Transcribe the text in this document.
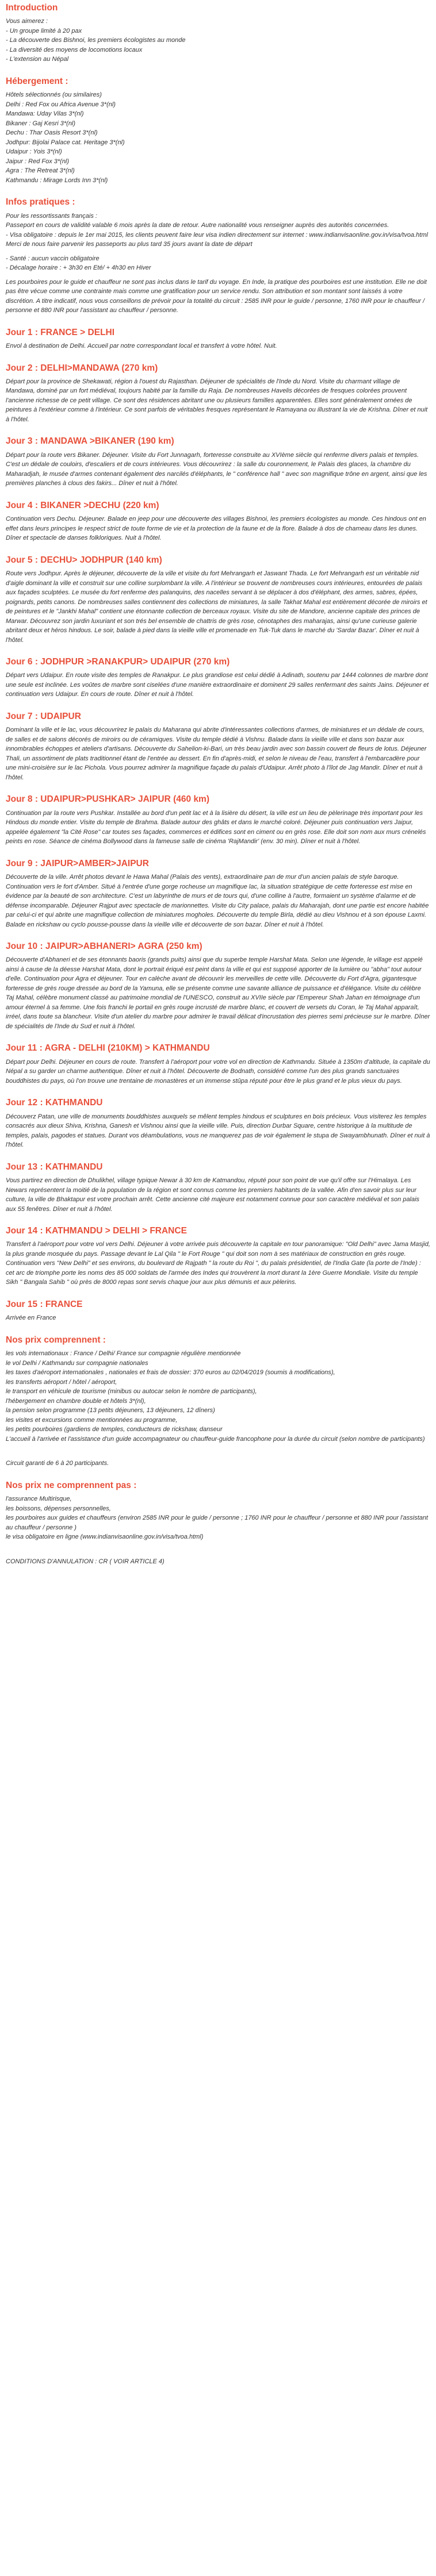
Introduction
Vous aimerez :
- Un groupe limité à 20 pax
- La découverte des Bishnoi, les premiers écologistes au monde
- La diversité des moyens de locomotions locaux
- L'extension au Népal
Hébergement :
Hôtels sélectionnés (ou similaires)
Delhi : Red Fox ou Africa Avenue 3*(nl)
Mandawa: Uday Vilas 3*(nl)
Bikaner : Gaj Kesri 3*(nl)
Dechu : Thar Oasis Resort 3*(nl)
Jodhpur: Bijolai Palace cat. Heritage 3*(nl)
Udaipur : Yois 3*(nl)
Jaipur : Red Fox 3*(nl)
Agra : The Retreat 3*(nl)
Kathmandu : Mirage Lords Inn 3*(nl)
Infos pratiques :

Pour les ressortissants français :
Passeport en cours de validité valable 6 mois après la date de retour. Autre nationalité vous renseigner auprès des autorités concernées.
- Visa obligatoire : depuis le 1er mai 2015, les clients peuvent faire leur visa indien directement sur internet : www.indianvisaonline.gov.in/visa/tvoa.html
Merci de nous faire parvenir les passeports au plus tard 35 jours avant la date de départ

- Santé : aucun vaccin obligatoire
- Décalage horaire : + 3h30 en Eté/ + 4h30 en Hiver

Les pourboires pour le guide et chauffeur ne sont pas inclus dans le tarif du voyage. En Inde, la pratique des pourboires est une institution. Elle ne doit pas être vécue comme une contrainte mais comme une gratification pour un service rendu. Son attribution et son montant sont laissés à votre discrétion. A titre indicatif, nous vous conseillons de prévoir pour la totalité du circuit : 2585 INR pour le guide / personne, 1760 INR pour le chauffeur / personne et 880 INR pour l'assistant au chauffeur / personne.

Jour 1 : FRANCE > DELHI

Envol à destination de Delhi. Accueil par notre correspondant local et transfert à votre hôtel. Nuit.

Jour 2 : DELHI>MANDAWA (270 km)

Départ pour la province de Shekawati, région à l'ouest du Rajasthan. Déjeuner de spécialités de l'Inde du Nord. Visite du charmant village de Mandawa, dominé par un fort médiéval, toujours habité par la famille du Raja. De nombreuses Havelis décorées de fresques colorées prouvent l'ancienne richesse de ce petit village. Ce sont des résidences abritant une ou plusieurs familles apparentées. Elles sont généralement ornées de peintures à l'extérieur comme à l'intérieur. Ce sont parfois de véritables fresques représentant le Ramayana ou illustrant la vie de Krishna. Dîner et nuit à l'hôtel.

Jour 3 : MANDAWA >BIKANER (190 km)

Départ pour la route vers Bikaner. Déjeuner. Visite du Fort Junnagarh, forteresse construite au XVIème siècle qui renferme divers palais et temples. C'est un dédale de couloirs, d'escaliers et de cours intérieures. Vous découvrirez : la salle du couronnement, le Palais des glaces, la chambre du Maharadjah, le musée d'armes contenant également des narcilés d'éléphants, le " conférence hall " avec son magnifique trône en argent, ainsi que les premières planches à clous des fakirs... Dîner et nuit à l'hôtel.

Jour 4 : BIKANER >DECHU (220 km)

Continuation vers Dechu. Déjeuner. Balade en jeep pour une découverte des villages Bishnoi, les premiers écologistes au monde. Ces hindous ont en effet dans leurs principes le respect strict de toute forme de vie et la protection de la faune et de la flore. Balade à dos de chameau dans les dunes. Dîner et spectacle de danses folkloriques. Nuit à l'hôtel.

Jour 5 : DECHU> JODHPUR (140 km)

Route vers Jodhpur. Après le déjeuner, découverte de la ville et visite du fort Mehrangarh et Jaswant Thada. Le fort Mehrangarh est un véritable nid d'aigle dominant la ville et construit sur une colline surplombant la ville. A l'intérieur se trouvent de nombreuses cours intérieures, entourées de palais aux façades sculptées. Le musée du fort renferme des palanquins, des nacelles servant à se déplacer à dos d'éléphant, des armes, sabres, épées, poignards, petits canons. De nombreuses salles contiennent des collections de miniatures, la salle Takhat Mahal est entièrement décorée de miroirs et de peintures et le "Jankhi Mahal" contient une étonnante collection de berceaux royaux. Visite du site de Mandore, ancienne capitale des princes de Marwar. Découvrez son jardin luxuriant et son trés bel ensemble de chattris de grès rose, cénotaphes des maharajas, ainsi qu'une curieuse galerie abritant deux et héros hindous. Le soir, balade à pied dans la vieille ville et promenade en Tuk-Tuk dans le marché du 'Sardar Bazar'. Dîner et nuit à l'hôtel.

Jour 6 : JODHPUR >RANAKPUR> UDAIPUR (270 km)

Départ vers Udaipur. En route visite des temples de Ranakpur. Le plus grandiose est celui dédié à Adinath, soutenu par 1444 colonnes de marbre dont une seule est inclinée. Les voûtes de marbre sont ciselées d'une manière extraordinaire et dominent 29 salles renfermant des saints Jains. Déjeuner et continuation vers Udaipur. En cours de route. Dîner et nuit à l'hôtel.

Jour 7 : UDAIPUR

Dominant la ville et le lac, vous découvrirez le palais du Maharana qui abrite d'intéressantes collections d'armes, de miniatures et un dédale de cours, de salles et de salons décorés de miroirs ou de céramiques. Visite du temple dédié à Vishnu. Balade dans la vieille ville et dans son bazar aux innombrables échoppes et ateliers d'artisans. Découverte du Sahelion-ki-Bari, un très beau jardin avec son bassin couvert de fleurs de lotus. Déjeuner Thali, un assortiment de plats traditionnel étant de l'entrée au dessert. En fin d'après-midi, et selon le niveau de l'eau, transfert à l'embarcadère pour une mini-croisière sur le lac Pichola. Vous pourrez admirer la magnifique façade du palais d'Udaipur. Arrêt photo à l'îlot de Jag Mandir. Dîner et nuit à l'hôtel.

Jour 8 : UDAIPUR>PUSHKAR> JAIPUR (460 km)

Continuation par la route vers Pushkar. Installée au bord d'un petit lac et à la lisière du désert, la ville est un lieu de pèlerinage très important pour les Hindous du monde entier. Visite du temple de Brahma. Balade autour des ghâts et dans le marché coloré. Déjeuner puis continuation vers Jaipur, appelée également "la Cité Rose" car toutes ses façades, commerces et édifices sont en ciment ou en grès rose. Elle doit son nom aux murs crénelés peints en rose. Séance de cinéma Bollywood dans la fameuse salle de cinéma 'RajMandir' (env. 30 min). Dîner et nuit à l'hôtel.

Jour 9 : JAIPUR>AMBER>JAIPUR

Découverte de la ville. Arrêt photos devant le Hawa Mahal (Palais des vents), extraordinaire pan de mur d'un ancien palais de style baroque. Continuation vers le fort d'Amber. Situé à l'entrée d'une gorge rocheuse un magnifique lac, la situation stratégique de cette forteresse est mise en évidence par la beauté de son architecture. C'est un labyrinthe de murs et de tours qui, d'une colline à l'autre, formaient un système d'alarme et de défense incomparable. Déjeuner Rajput avec spectacle de marionnettes. Visite du City palace, palais du Maharajah, dont une partie est encore habitée par celui-ci et qui abrite une magnifique collection de miniatures mogholes. Découverte du temple Birla, dédié au dieu Vishnou et à son épouse Laxmi. Balade en rickshaw ou cyclo pousse-pousse dans la vieille ville et découverte de son bazar. Dîner et nuit à l'hôtel.

Jour 10 : JAIPUR>ABHANERI> AGRA (250 km)

Découverte d'Abhaneri et de ses étonnants baoris (grands puits) ainsi que du superbe temple Harshat Mata. Selon une légende, le village est appelé ainsi à cause de la déesse Harshat Mata, dont le portrait ériqué est peint dans la ville et qui est supposé apporter de la lumière ou "abha" tout autour d'elle. Continuation pour Agra et déjeuner. Tour en calèche avant de découvrir les merveilles de cette ville. Découverte du Fort d'Agra, gigantesque forteresse de grès rouge dressée au bord de la Yamuna, elle se présente comme une savante alliance de puissance et d'élégance. Visite du célèbre Taj Mahal, célèbre monument classé au patrimoine mondial de l'UNESCO, construit au XVIIe siècle par l'Empereur Shah Jahan en témoignage d'un amour éternel à sa femme. Une fois franchi le portail en grès rouge incrusté de marbre blanc, et couvert de versets du Coran, le Taj Mahal apparaît, irréel, dans toute sa blancheur. Visite d'un atelier du marbre pour admirer le travail délicat d'incrustation des pierres semi précieuse sur le marbre. Dîner de spécialités de l'Inde du Sud et nuit à l'hôtel.

Jour 11 : AGRA - DELHI (210KM) > KATHMANDU

Départ pour Delhi. Déjeuner en cours de route. Transfert à l'aéroport pour votre vol en direction de Kathmandu. Située à 1350m d'altitude, la capitale du Népal a su garder un charme authentique. Dîner et nuit à l'hôtel. Découverte de Bodnath, considéré comme l'un des plus grands sanctuaires bouddhistes du pays, où l'on trouve une trentaine de monastères et un immense stûpa réputé pour être le plus grand et le plus vieux du pays.

Jour 12 : KATHMANDU

Découverz Patan, une ville de monuments bouddhistes auxquels se mêlent temples hindous et sculptures en bois précieux. Vous visiterez les temples consacrés aux dieux Shiva, Krishna, Ganesh et Vishnou ainsi que la vieille ville. Puis, direction Durbar Square, centre historique à la multitude de temples, palais, pagodes et statues. Durant vos déambulations, vous ne manquerez pas de voir également le stupa de Swayambhunath. Dîner et nuit à l'hôtel.

Jour 13 : KATHMANDU

Vous partirez en direction de Dhulikhel, village typique Newar à 30 km de Katmandou, réputé pour son point de vue qu'il offre sur l'Himalaya. Les Newars représentent la moitié de la population de la région et sont connus comme les premiers habitants de la vallée. Afin d'en savoir plus sur leur culture, la ville de Bhaktapur est votre prochain arrêt. Cette ancienne cité majeure est notamment connue pour son caractère médiéval et son palais aux 55 fenêtres. Dîner et nuit à l'hôtel.

Jour 14 : KATHMANDU > DELHI > FRANCE

Transfert à l'aéroport pour votre vol vers Delhi. Déjeuner à votre arrivée puis découverte la capitale en tour panoramique: "Old Delhi" avec Jama Masjid, la plus grande mosquée du pays. Passage devant le Lal Qila " le Fort Rouge " qui doit son nom à ses matériaux de construction en grès rouge. Continuation vers "New Delhi" et ses environs, du boulevard de Rajpath " la route du Roi ", du palais présidentiel, de l'India Gate (la porte de l'Inde) : cet arc de triomphe porte les noms des 85 000 soldats de l'armée des Indes qui trouvèrent la mort durant la 1ère Guerre Mondiale. Visite du temple Sikh " Bangala Sahib " où près de 8000 repas sont servis chaque jour aux plus démunis et aux pèlerins.

Jour 15 : FRANCE

Arrivée en France

Nos prix comprennent :
les vols internationaux : France / Delhi/ France sur compagnie régulière mentionnée
le vol Delhi / Kathmandu sur compagnie nationales
les taxes d'aéroport internationales , nationales et frais de dossier: 370 euros au 02/04/2019 (soumis à modifications),
les transferts aéroport / hôtel / aéroport,
le transport en véhicule de tourisme (minibus ou autocar selon le nombre de participants),
l'hébergement en chambre double et hôtels 3*(nl),
la pension selon programme (13 petits déjeuners, 13 déjeuners, 12 dîners)
les visites et excursions comme mentionnées au programme,
les petits pourboires (gardiens de temples, conducteurs de rickshaw, danseur
L'accueil à l'arrivée et l'assistance d'un guide accompagnateur ou chauffeur-guide francophone pour la durée du circuit (selon nombre de participants)

Circuit garanti de 6 à 20 participants.

Nos prix ne comprennent pas :
l'assurance Multirisque,
les boissons, dépenses personnelles,
les pourboires aux guides et chauffeurs (environ 2585 INR pour le guide / personne ; 1760 INR pour le chauffeur / personne et 880 INR pour l'assistant au chauffeur / personne )
le visa obligatoire en ligne (www.indianvisaonline.gov.in/visa/tvoa.html)

CONDITIONS D'ANNULATION : CR ( VOIR ARTICLE 4)
